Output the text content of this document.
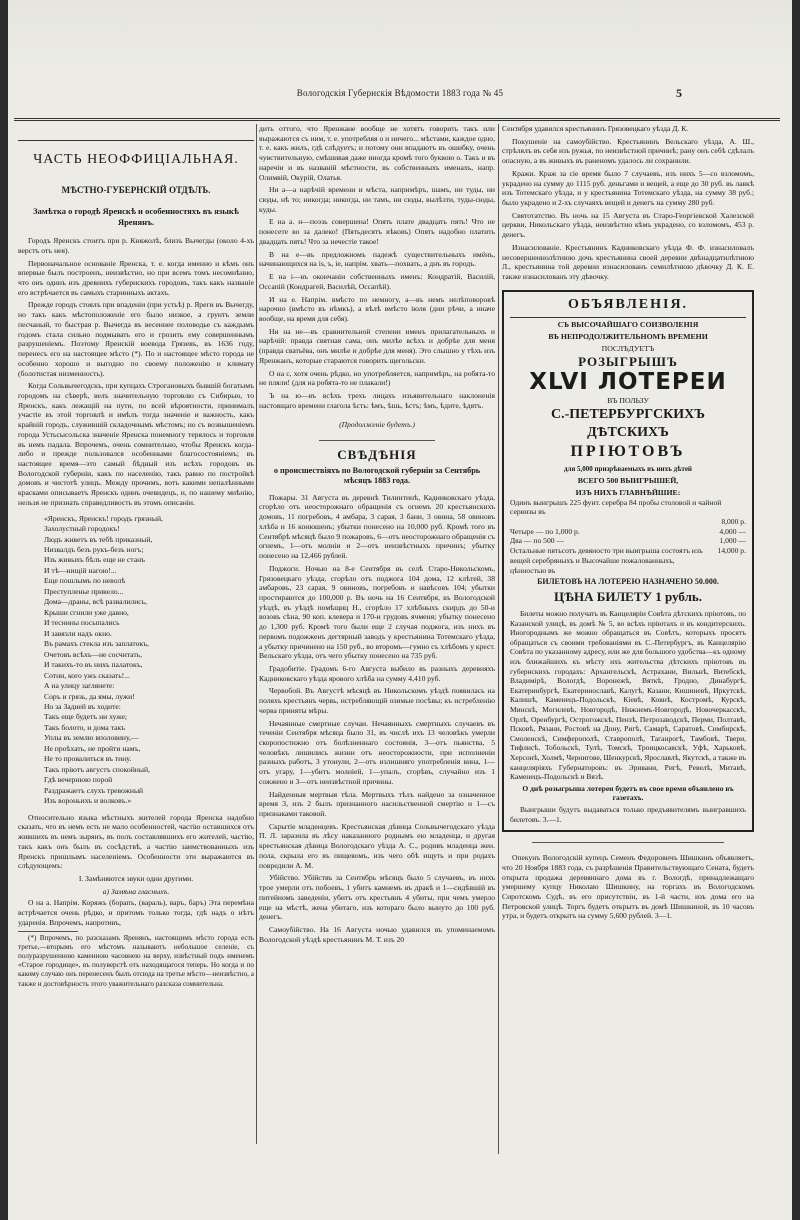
Вологодскія Губернскія Вѣдомости 1883 года № 45	5
ЧАСТЬ НЕОФФИЦІАЛЬНАЯ.
МѢСТНО-ГУБЕРНСКІЙ ОТДѢЛЪ.
Замѣтка о городѣ Яренскѣ и особенностяхъ въ языкѣ Яренянъ.

Городъ Яренскъ стоитъ при р. Княжолѣ, близъ Вычегды (около 4-хъ верстъ отъ нея).

Первоначальное основаніе Яренска, т. е. когда именно и кѣмъ онъ впервые былъ построенъ, неизвѣстно, но при всемъ томъ несомнѣнно, что онъ одинъ изъ древнихъ губернскихъ городовъ, такъ какъ названіе его встрѣчается въ самыхъ старинныхъ актахъ.

Прежде городъ стоялъ при впаденіи (при устьѣ) р. Яреги въ Вычегду, но такъ какъ мѣстоположеніе его было низкое, а грунтъ земли песчаный, то быстрая р. Вычегда въ весеннее половодье съ каждымъ годомъ стала сильно подмывать его и грозить ему совершеннымъ разрушеніемъ. Поэтому Яренскій воевода Грязевъ, въ 1636 году, перенесъ его на настоящее мѣсто (*). По и настоящее мѣсто города не особенно хорошо и выгодно по своему положенію и климату (болотистая низменность).

Когда Сольвычегодскъ, при купцахъ Строгановыхъ бывшій богатымъ городомъ на сѣверѣ, велъ значительную торговлю съ Сибирью, то Яренскъ, какъ лежащій на пути, по всей вѣроятности, принималъ участіе въ этой торговлѣ и имѣлъ тогда значеніе и важность, какъ крайній городъ, служившій складочнымъ мѣстомъ; но съ возвышеніемъ города Устьсысольска значеніе Яренска понемногу терялось и торговля въ немъ падала. Впрочемъ, очень сомнительно, чтобы Яренскъ когда-либо и прежде пользовался особенными благосостояніемъ; въ настоящее время—это самый бѣдный изъ всѣхъ городовъ въ Вологодской губерніи, какъ по населенію, такъ равно по постройкѣ домовъ и чистотѣ улицъ. Между прочимъ, вотъ какими непалѣнными красками описываетъ Яренскъ одинъ очевидецъ, и, по нашему мнѣнію, нельзя не признать справедливость въ этомъ описаніи.

«Яренскъ, Яренскъ! городъ грязный,
Захолустный городокъ!
Людъ живетъ въ тебѣ приказный,
Низвалдъ безъ рукъ-безъ ногъ;
Изъ живыхъ бѣлъ еще не станъ
И тѣ—нищій нагою!...
Еще пошлымъ по неволѣ
Преступленье привело...
Дома—драны, всѣ развалились,
Крыши сгнили уже давно,
И теснины посыпались
И завязли надъ окно.
Въ рамахъ стекла изъ заплатокъ,
Очетовъ всѣхъ—не сосчитать,
И такихъ-то въ нихъ палатокъ,
Сотни, кого ужъ сказать!...
А на улицу заглянете:
Соръ и грязь, да ямы, лужи!
Но за Задней въ ходите:
Такъ еще будетъ ни хуже;
Такъ болото, и дома такъ
Уплы въ землю вполовину,—
Не проѣхать, не пройти намъ,
Не то провалиться въ тину.
Такъ пріютъ августъ спокойный,
Гдѣ вечернюю порой
Раздражаетъ слухъ тревожный
Изъ вороньихъ и волковъ.»

Относительно языка мѣстныхъ жителей города Яренска надобно сказать, что въ немъ есть не мало особенностей, частію оставшихся отъ жившихъ въ немъ зырянъ, въ полъ составлявшихъ его жителей, частію, такъ какъ онъ былъ въ сосѣдствѣ, а частію заимствованныхъ изъ Яренскъ пришлымъ населеніемъ. Особенности эти выражаются въ слѣдующемъ:

I. Замѣняются звуки одни другими.
а) Замѣна гласныхъ.

О на а. Напрім. Коряжъ (борапъ, (вараль), варъ, баръ) Эта перемѣна встрѣчается очень рѣдко, и притомъ только тогда, гдѣ надъ о нѣтъ ударенія. Впрочемъ, напротивъ,

(*) Впрочемъ, по разсказамъ Яренянъ, настоящимъ мѣсто города есть третье,—вторымъ его мѣстомъ называютъ небольшое селеніе, съ полуразрушенною каменною часовнею на верху, извѣстный подъ именемъ «Старое городище», въ полуверстѣ отъ находящагося теперь. Но когда и по какому случаю онъ перенесенъ былъ отсюда на третье мѣсто—неизвѣстно, а также и достовѣрность этого уважительнаго разсказа сомнительна.

дить оттого, что Яренжане вообще не хотятъ говорить такъ или выражаются съ ним, т. е. употребляя о и ничего... мѣстами, каждое одно, т. е. какъ жилъ, гдѣ слѣдуетъ; и потому они впадаютъ въ ошибку, очень чувствительную, смѣшивая даже иногда кромѣ того буквою о. Такъ и въ наречіи и въ названій мѣстности, въ собственныхъ именахъ, напр. Олимвій, Окурій, Олатья.

Ни а—а нарѣчій времени и мѣста, напримѣръ, шамъ, ни туды, ни сюды, нѣ то; никогда; никогда, ни тамъ, ни сюды, вылѣзти, туды-сюды, куды.

Е на а. н—поэзь совершена! Опять плате двадцать пять! Что не понесете во за далеко! (Пятьдесятъ вѣковъ) Опять надобно платить двадцать пять! Что за нечестіе такое!

В на е—въ предложномъ падежѣ существительныхъ имёнъ, начинающихся на is, ъ, іе, напрім. хвать—похвать, а днъ въ городъ.

Е на і—въ окончаніи собственныхъ именъ: Кондратій, Василій, Оссапій (Кондрагей, Василѣй, Оссапѣй).

И на е. Напрім. вмѣсто по немногу, а—въ немъ нелѣповоровѣ нарочно (вмѣсто въ нѣмкъ), а вѣлѣ вмѣсто іюля (дни рѣчи, а иначе вообще, на время для себя).

Ни на не—въ сравнительной степени именъ прилагательныхъ и нарѣчій: правда святная сама, онъ милѣе всѣхъ и добрѣе для меня (правда сватьёва, онъ милѣе и добрѣе для меня). Это слышно у тѣхъ изъ Яренжанъ, которые стараются говорить щегольски.

О на с, хотя очень рѣдко, но употребляется, напримѣръ, на робята-то не пляли! (для на робята-то не плакали!)

Ъ на ю—въ всѣхъ трехъ лицахъ изъявительнаго наклоненія настоящаго времени глагола ѣсть: ѣмъ, ѣшь, ѣстъ; ѣмъ, ѣдите, ѣдятъ.

(Продолженіе будетъ.)
СВѢДѢНІЯ
о происшествіяхъ по Вологодской губерніи за Сентябрь мѣсяцъ 1883 года.

Пожары. 31 Августа въ деревнѣ Тилинтинѣ, Кадниковскаго уѣзда, сгорѣло отъ неосторожнаго обращенія съ огнемъ 20 крестьянскихъ домовъ, 11 погребовъ, 4 амбара, 3 сарая, 3 бани, 3 овина, 58 овиновъ хлѣба и 16 конюшенъ; убытки понесено на 10,000 руб. Кромѣ того въ Сентябрѣ мѣсяцѣ было 9 пожаровъ, 6—отъ неосторожнаго обращенія съ огнемъ, 1—отъ молніи и 2—отъ неизвѣстныхъ причинъ; убытку понесено на 12,466 рублей.

Поджоги. Ночью на 8-е Сентября въ селѣ Старо-Никольскомъ, Грязовецкаго уѣзда, сгорѣло отъ поджога 104 дома, 12 клѣтей, 38 амбаровъ, 23 сарая, 9 овиновъ, погребовъ и навѣсовъ 104; убытки простираются до 100,000 р. Въ ночь на 16 Сентября, въ Вологодской уѣздѣ, въ уѣздѣ помѣщиц Н., сгорѣло 17 хлѣбныхъ скирдъ до 50-и возовъ сѣна, 90 коп. клевера и 170-и грудовъ ячменя; убытку понесено до 1,300 руб. Кромѣ того были еще 2 случая поджога, изъ нихъ въ первомъ подожженъ дегтярный заводъ у крестьянина Тотемскаго уѣзда, а убытку причинено на 150 руб., во второмъ—гумно съ хлѣбомъ у крест. Вельскаго уѣзда, отъ чего убытку понесено на 735 руб.

Градобитіе. Градомъ 6-го Августа выбило въ разныхъ деревняхъ Кадниковскаго уѣзда ярового хлѣба на сумму 4,410 руб.

Червобой. Въ Августѣ мѣсяцѣ въ Никольскомъ уѣздѣ появилась на поляхъ крестьянъ червь, истребляющій озимые посѣвы; къ истребленію черва приняты мѣры.

Нечаянные смертные случаи. Нечаянныхъ смертныхъ случаевъ въ теченіи Сентября мѣсяца было 31, въ числѣ ихъ 13 человѣкъ умерли скоропостижно отъ болѣзненнаго состоянія, 3—отъ пьянства, 5 человѣкъ лишились жизни отъ неосторожности, при исполненіи разныхъ работъ, 3 утонули, 2—отъ излишняго употребленія вина, 1—отъ угару, 1—убитъ молніей, 1—упалъ, сгорѣвъ, случайно изъ 1 сожжено и 3—отъ неизвѣстной причины.

Найденныя мертвыя тѣла. Мертвыхъ тѣлъ найдено за означенное время 3, изъ 2 былъ признанного насильственной смертію и 1—съ признаками таковой.

Скрытіе младенцевъ. Крестьянская дѣвица Сольвычегодскаго уѣзда П. Л. заразила въ лѣсу наказанного роднымъ ею младенца, и другая крестьянская дѣвица Вологодскаго уѣзда А. С., родивъ младенца жен. пола, скрыла его въ пищевомъ, изъ чего обѣ ищуть и при родахъ повредили А. М.

Убійство. Убійствъ за Сентябрь мѣсяцъ было 5 случаевъ, въ нихъ трое умерли отъ побоевъ, 1 убитъ камнемъ въ дракѣ и 1—сидѣвшій въ питейномъ заведеніи, убитъ отъ крестьянъ 4 убиты, при чемъ умерло еще на мѣстѣ, жена убитаго, изъ котораго было вынуто до 100 руб. денегъ.

Самоубійство. На 16 Августа ночью удавился въ упоминаемомъ Вологодской уѣздѣ крестьянинъ М. Т. изъ 20

Сентября удавился крестьянинъ Грязовецкаго уѣзда Д. К.

Покушеніе на самоубійство. Крестьянинъ Вельскаго уѣзда, А. Ш., стрѣлялъ въ себя изъ ружья, по неизвѣстной причинѣ; рану онъ себѣ сдѣлалъ опасную, а въ живыхъ въ раненомъ удалось ли сохранили.

Кражи. Краж за сіе время было 7 случаевъ, изъ нихъ 5—со взломомъ, украдено на сумму до 1115 руб. деньгами и вещей, а еще до 30 руб. въ лавкѣ изъ Тотемскаго уѣзда, и у крестьянина Тотемскаго уѣзда, на сумму 38 руб.; было украдено и 2-хъ случаяхъ вещей и денегъ на сумму 280 руб.

Святотатство. Въ ночь на 15 Августа въ Старо-Георгіевской Халезской церкви, Никольскаго уѣзда, неизвѣстно кѣмъ украдено, со взломомъ, 453 р. денегъ.

Изнасилованіе. Крестьянинъ Кадниковскаго уѣзда Ф. Ф. изнасиловалъ несовершеннолѣтнюю дочь крестьянина своей деревни двѣнадцатилѣтнюю Л., крестьянина той деревни изнасилованъ семилѣтнюю дѣвочку Д. К. Е. также изнасилованъ эту дѣвочку.

ОБЪЯВЛЕНІЯ.
СЪ ВЫСОЧАЙШАГО СОИЗВОЛЕНІЯ
ВЪ НЕПРОДОЛЖИТЕЛЬНОМЪ ВРЕМЕНИ
ПОСЛѢДУЕТЪ
РОЗЫГРЫШЪ
XLVI ЛОТЕРЕИ
ВЪ ПОЛЬЗУ
С.-ПЕТЕРБУРГСКИХЪ ДѢТСКИХЪ
ПРІЮТОВЪ
для 5,000 призрѣваемыхъ въ нихъ дѣтей
ВСЕГО 500 ВЫИГРЫШЕЙ,
ИЗЪ НИХЪ ГЛАВНѢЙШИЕ:
Одинъ выигрышъ 225 фунт. серебра 84 пробы столовой и чайной сервизы въ
8,000 р.
Четыре — по 1,000 р.	4,000 —
Два — по 500 —	1,000 —
Остальные пятьсотъ девяносто три выигрыша состоятъ изъ вещей серебряныхъ и Высочайше пожалованныхъ, цѣнностью въ
14,000 р.
БИЛЕТОВЪ НА ЛОТЕРЕЮ НАЗНАЧЕНО 50.000.
ЦѢНА БИЛЕТУ 1 рубль.

Билеты можно получать въ Канцеляріи Совѣта дѣтскихъ пріютовъ, по Казанской улицѣ, въ домѣ № 5, во всѣхъ пріютахъ и въ кондитерскихъ. Иногороднымъ же можно обращаться въ Совѣтъ, которыхъ просятъ обращаться съ своими требованіями въ С.-Петербургъ, въ Канцелярію Совѣта по указанному адресу, или же для большого удобства—къ одному изъ ближайшихъ къ мѣсту ихъ жительства дѣтскихъ пріютовъ въ губернскихъ городахъ: Архангельскѣ, Астрахани, Вильнѣ, Витебскѣ, Владимірѣ, Вологдѣ, Воронежѣ, Вяткѣ, Гродно, Динабургѣ, Екатеринбургѣ, Екатеринославѣ, Калугѣ, Казани, Кишиневѣ, Иркутскѣ, Калишѣ, Каменецъ-Подольскѣ, Кіевѣ, Ковнѣ, Костромѣ, Курскѣ, Минскѣ, Могилевѣ, Новгородѣ, Нижнемъ-Новгородѣ, Новочеркасскѣ, Орлѣ, Оренбургѣ, Острогожскѣ, Пензѣ, Петрозаводскѣ, Перми, Полтавѣ, Псковѣ, Рязани, Ростовѣ на Дону, Ригѣ, Самарѣ, Саратовѣ, Симбирскѣ, Смоленскѣ, Симферополѣ, Ставрополѣ, Таганрогѣ, Тамбовѣ, Твери, Тифлисѣ, Тобольскѣ, Тулѣ, Томскѣ, Троицкосавскѣ, Уфѣ, Харьковѣ, Херсонѣ, Холмѣ, Чернигове, Шенкурскѣ, Ярославлѣ, Якутскѣ, а также въ канцеляріяхъ Губернаторовъ: въ Эривани, Ригѣ, Ревелѣ, Митавѣ, Каменецъ-Подольскѣ и Вязѣ.

О днѣ розыгрыша лотереи будетъ въ свое время объявлено въ газетахъ.

Выигрыши будутъ выдаваться только предъявителямъ выигравшихъ билетовъ. 3.—1.

Опекунъ Вологодскій купецъ Семенъ Федоровичъ Шишкинъ объявляетъ, что 20 Ноября 1883 года, съ разрѣшенія Правительствующаго Сената, будетъ открыта продажа деревяннаго дома въ г. Вологдѣ, принадлежащаго умершему купцу Николаю Шишкину, на торгахъ въ Вологодскомъ Сиротскомъ Судѣ, въ его присутствіи, въ 1-й части, изъ дома его на Петровской улицѣ. Торгъ будетъ открытъ въ домѣ Шишкиной, въ 10 часовъ утра, и будетъ открытъ на сумму 5,600 рублей. 3—1.
